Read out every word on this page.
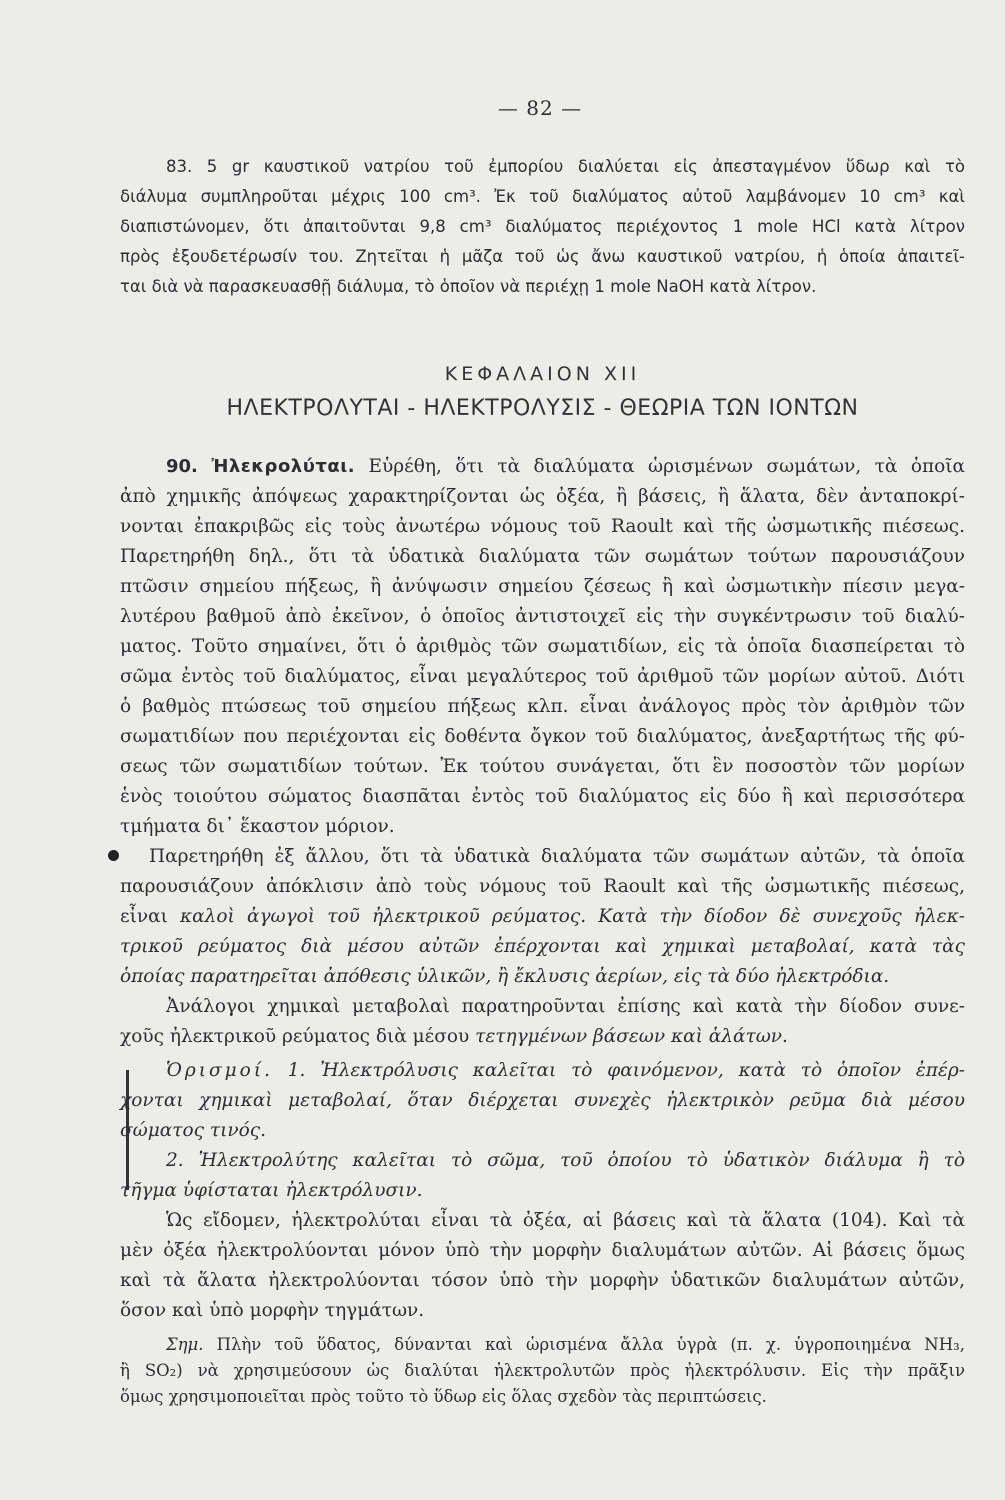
— 82 —
83. 5 gr καυστικοῦ νατρίου τοῦ ἐμπορίου διαλύεται εἰς ἀπεσταγμένον ὕδωρ καὶ τὸ
διάλυμα συμπληροῦται μέχρις 100 cm³. Ἐκ τοῦ διαλύματος αὐτοῦ λαμβάνομεν 10 cm³ καὶ
διαπιστώνομεν, ὅτι ἀπαιτοῦνται 9,8 cm³ διαλύματος περιέχοντος 1 mole HCl κατὰ λίτρον
πρὸς ἐξουδετέρωσίν του. Ζητεῖται ἡ μᾶζα τοῦ ὡς ἄνω καυστικοῦ νατρίου, ἡ ὁποία ἀπαιτεῖ-
ται διὰ νὰ παρασκευασθῇ διάλυμα, τὸ ὁποῖον νὰ περιέχῃ 1 mole NaOH κατὰ λίτρον.
ΚΕΦΑΛΑΙΟΝ ΧΙΙ
ΗΛΕΚΤΡΟΛΥΤΑΙ - ΗΛΕΚΤΡΟΛΥΣΙΣ - ΘΕΩΡΙΑ ΤΩΝ ΙΟΝΤΩΝ
90. Ἠλεκρολύται. Εὑρέθη, ὅτι τὰ διαλύματα ὡρισμένων σωμάτων, τὰ ὁποῖα
ἀπὸ χημικῆς ἀπόψεως χαρακτηρίζονται ὡς ὀξέα, ἢ βάσεις, ἢ ἅλατα, δὲν ἀνταποκρί-
νονται ἐπακριβῶς εἰς τοὺς ἀνωτέρω νόμους τοῦ Raoult καὶ τῆς ὠσμωτικῆς πιέσεως.
Παρετηρήθη δηλ., ὅτι τὰ ὑδατικὰ διαλύματα τῶν σωμάτων τούτων παρουσιάζουν
πτῶσιν σημείου πήξεως, ἢ ἀνύψωσιν σημείου ζέσεως ἢ καὶ ὠσμωτικὴν πίεσιν μεγα-
λυτέρου βαθμοῦ ἀπὸ ἐκεῖνον, ὁ ὁποῖος ἀντιστοιχεῖ εἰς τὴν συγκέντρωσιν τοῦ διαλύ-
ματος. Τοῦτο σημαίνει, ὅτι ὁ ἀριθμὸς τῶν σωματιδίων, εἰς τὰ ὁποῖα διασπείρεται τὸ
σῶμα ἐντὸς τοῦ διαλύματος, εἶναι μεγαλύτερος τοῦ ἀριθμοῦ τῶν μορίων αὐτοῦ. Διότι
ὁ βαθμὸς πτώσεως τοῦ σημείου πήξεως κλπ. εἶναι ἀνάλογος πρὸς τὸν ἀριθμὸν τῶν
σωματιδίων που περιέχονται εἰς δοθέντα ὄγκον τοῦ διαλύματος, ἀνεξαρτήτως τῆς φύ-
σεως τῶν σωματιδίων τούτων. Ἐκ τούτου συνάγεται, ὅτι ἓν ποσοστὸν τῶν μορίων
ἑνὸς τοιούτου σώματος διασπᾶται ἐντὸς τοῦ διαλύματος εἰς δύο ἢ καὶ περισσότερα
τμήματα δι᾽ ἕκαστον μόριον.
Παρετηρήθη ἐξ ἄλλου, ὅτι τὰ ὑδατικὰ διαλύματα τῶν σωμάτων αὐτῶν, τὰ ὁποῖα
παρουσιάζουν ἀπόκλισιν ἀπὸ τοὺς νόμους τοῦ Raoult καὶ τῆς ὠσμωτικῆς πιέσεως,
εἶναι καλοὶ ἀγωγοὶ τοῦ ἠλεκτρικοῦ ρεύματος. Κατὰ τὴν δίοδον δὲ συνεχοῦς ἠλεκ-
τρικοῦ ρεύματος διὰ μέσου αὐτῶν ἐπέρχονται καὶ χημικαὶ μεταβολαί, κατὰ τὰς
ὁποίας παρατηρεῖται ἀπόθεσις ὑλικῶν, ἢ ἔκλυσις ἀερίων, εἰς τὰ δύο ἠλεκτρόδια.
Ἀνάλογοι χημικαὶ μεταβολαὶ παρατηροῦνται ἐπίσης καὶ κατὰ τὴν δίοδον συνε-
χοῦς ἠλεκτρικοῦ ρεύματος διὰ μέσου τετηγμένων βάσεων καὶ ἁλάτων.
Ὁρισμοί. 1. Ἠλεκτρόλυσις καλεῖται τὸ φαινόμενον, κατὰ τὸ ὁποῖον ἐπέρ-
χονται χημικαὶ μεταβολαί, ὅταν διέρχεται συνεχὲς ἠλεκτρικὸν ρεῦμα διὰ μέσου
σώματος τινός.
2. Ἠλεκτρολύτης καλεῖται τὸ σῶμα, τοῦ ὁποίου τὸ ὑδατικὸν διάλυμα ἢ τὸ
τῆγμα ὑφίσταται ἠλεκτρόλυσιν.
Ὡς εἴδομεν, ἠλεκτρολύται εἶναι τὰ ὀξέα, αἱ βάσεις καὶ τὰ ἅλατα (104). Καὶ τὰ
μὲν ὀξέα ἠλεκτρολύονται μόνον ὑπὸ τὴν μορφὴν διαλυμάτων αὐτῶν. Αἱ βάσεις ὅμως
καὶ τὰ ἅλατα ἠλεκτρολύονται τόσον ὑπὸ τὴν μορφὴν ὑδατικῶν διαλυμάτων αὐτῶν,
ὅσον καὶ ὑπὸ μορφὴν τηγμάτων.
Σημ. Πλὴν τοῦ ὕδατος, δύνανται καὶ ὡρισμένα ἄλλα ὑγρὰ (π. χ. ὑγροποιημένα NH₃,
ἢ SO₂) νὰ χρησιμεύσουν ὡς διαλύται ἠλεκτρολυτῶν πρὸς ἠλεκτρόλυσιν. Εἰς τὴν πρᾶξιν
ὅμως χρησιμοποιεῖται πρὸς τοῦτο τὸ ὕδωρ εἰς ὅλας σχεδὸν τὰς περιπτώσεις.
